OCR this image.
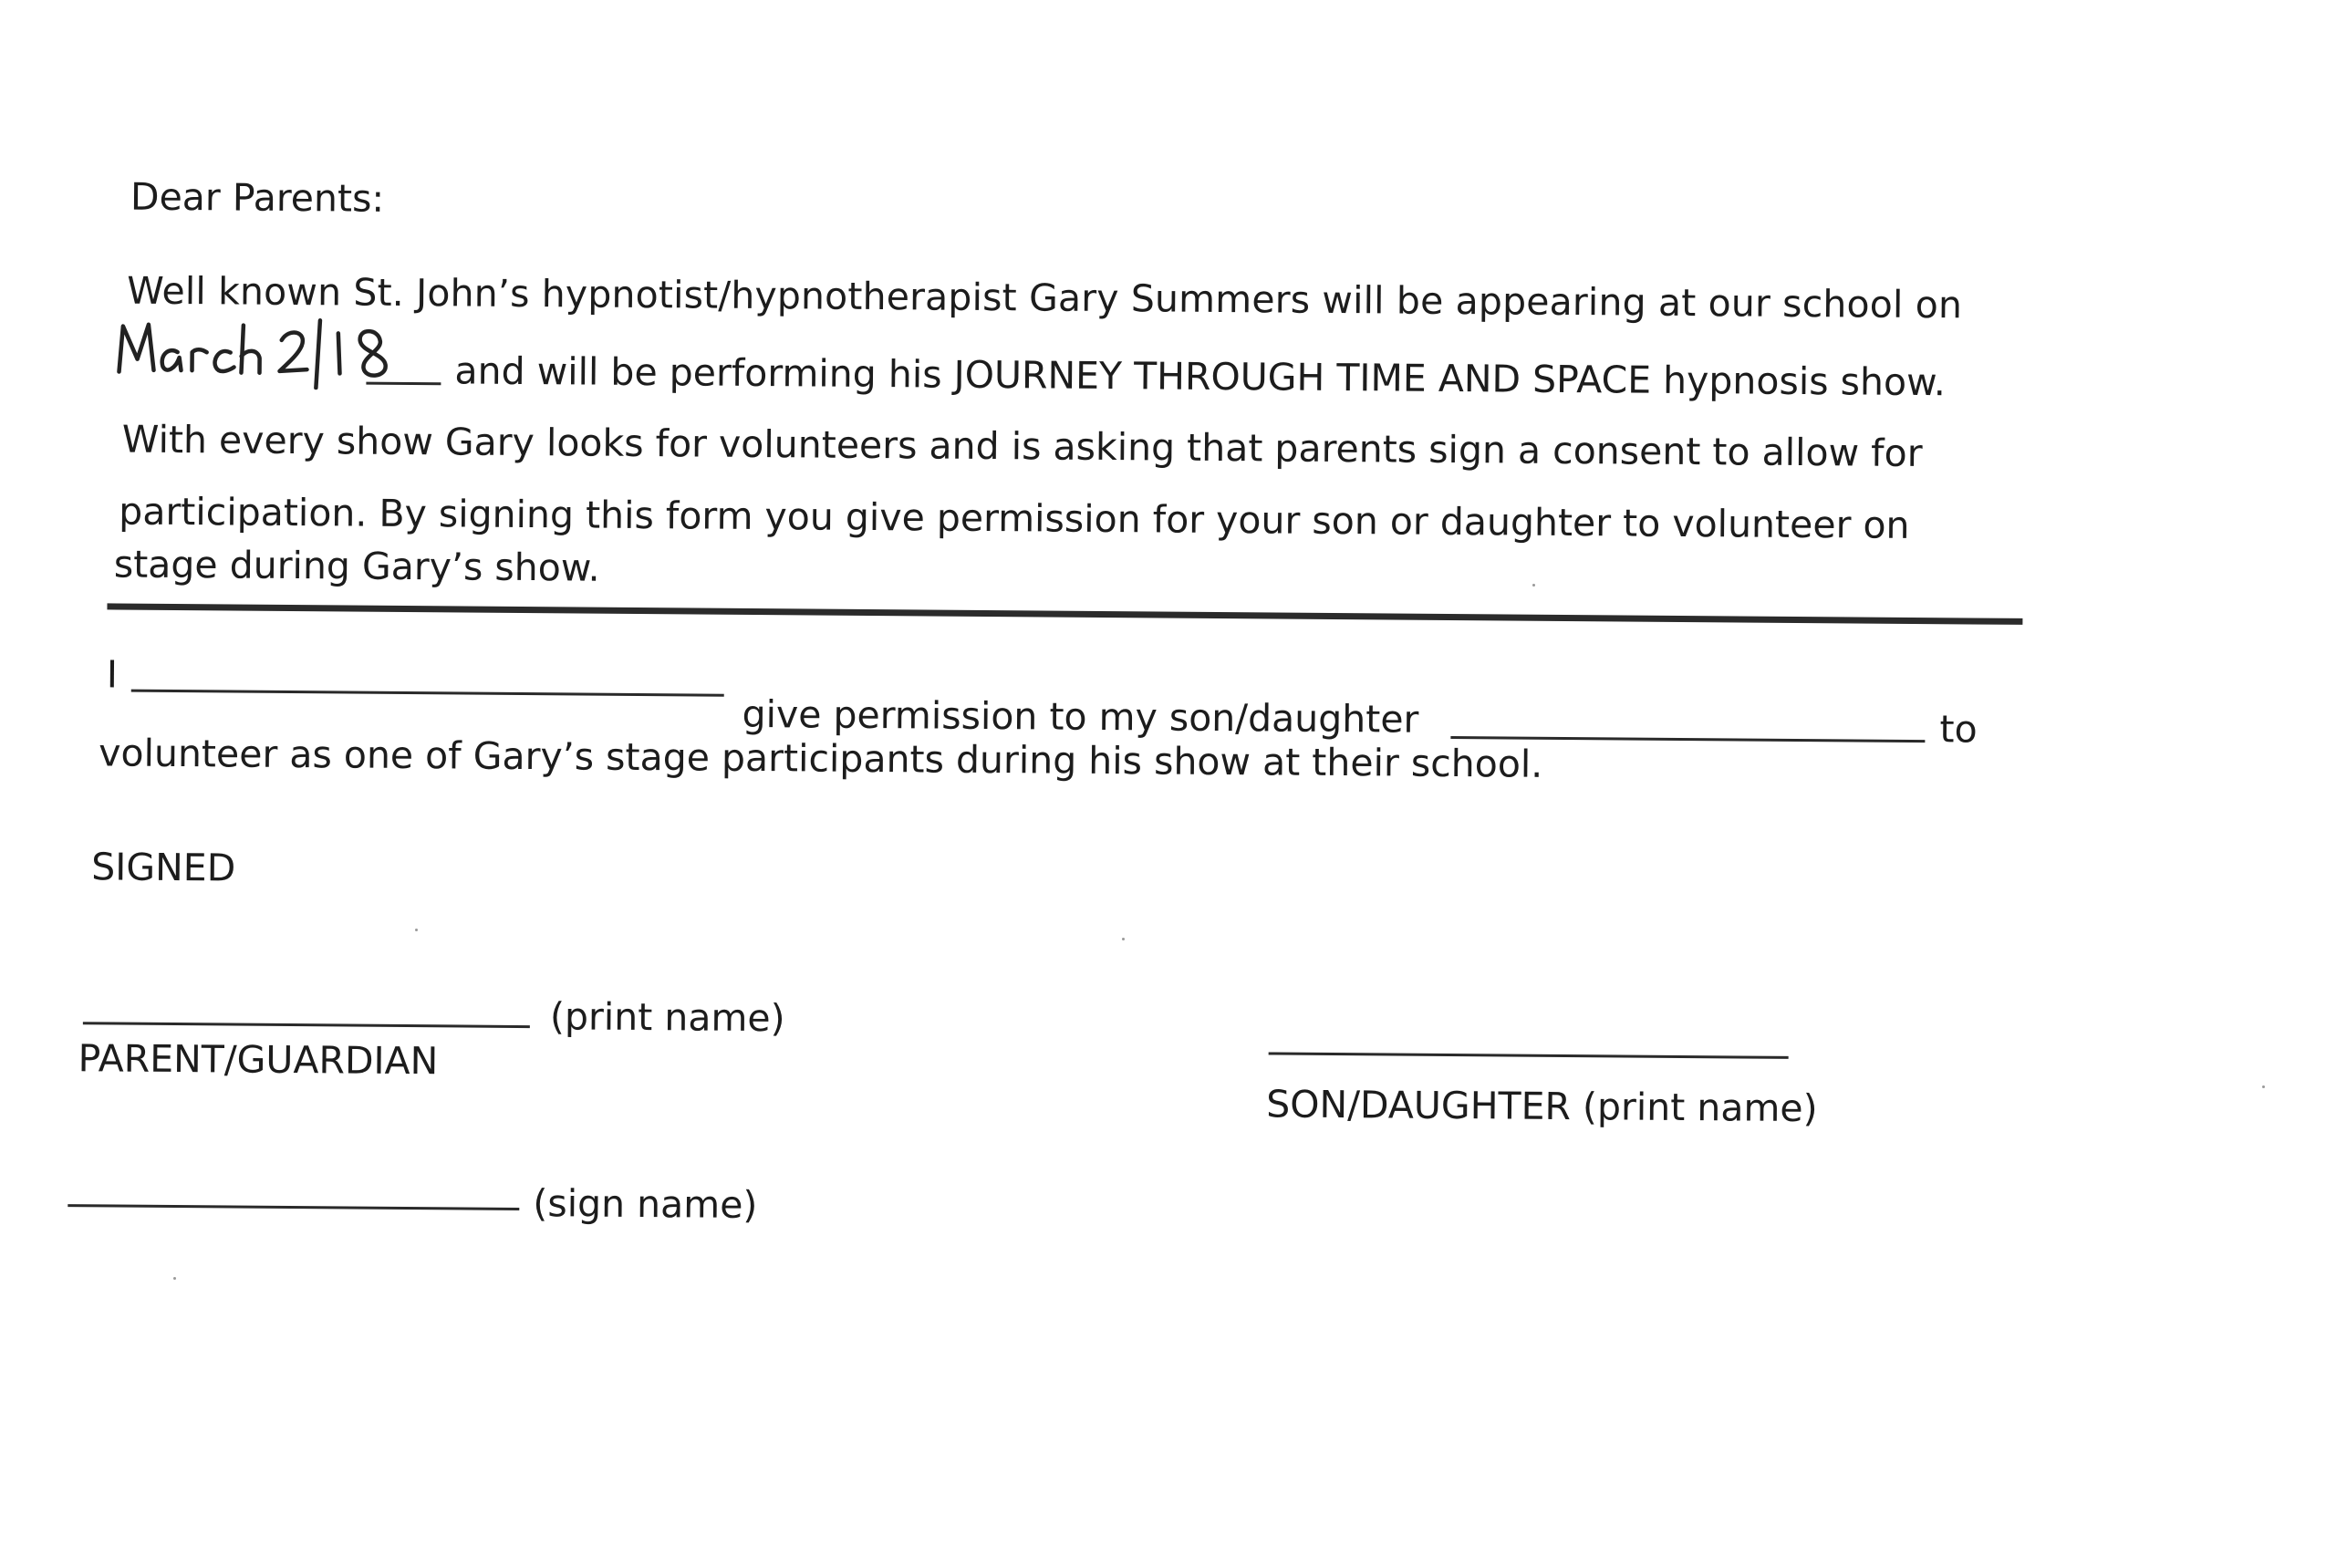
Dear Parents:
Well known St. John’s hypnotist/hypnotherapist Gary Summers will be appearing at our school on
and will be performing his JOURNEY THROUGH TIME AND SPACE hypnosis show.
With every show Gary looks for volunteers and is asking that parents sign a consent to allow for
participation. By signing this form you give permission for your son or daughter to volunteer on
stage during Gary’s show.
I
give permission to my son/daughter	to
volunteer as one of Gary’s stage participants during his show at their school.
SIGNED
(print name)
PARENT/GUARDIAN
(sign name)
SON/DAUGHTER (print name)
